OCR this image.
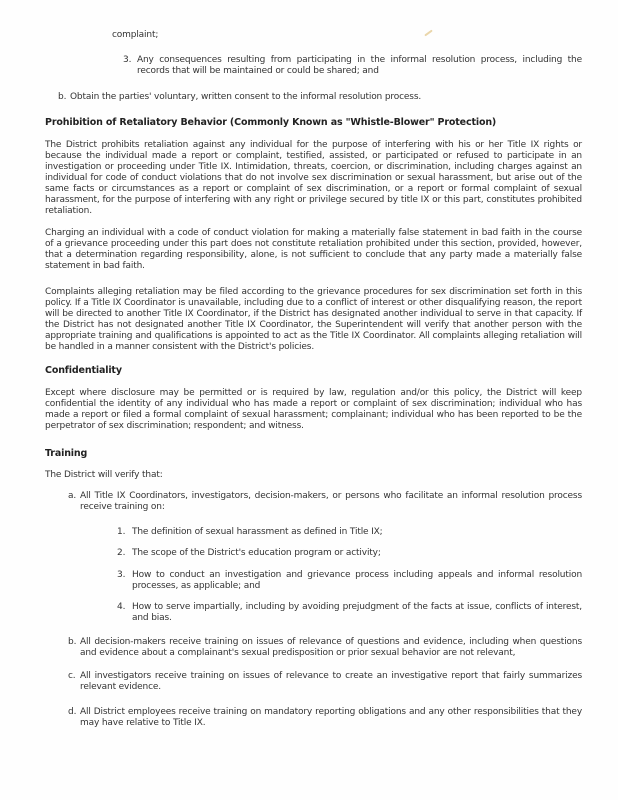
complaint;
3. Any consequences resulting from participating in the informal resolution process, including the records that will be maintained or could be shared; and
b. Obtain the parties' voluntary, written consent to the informal resolution process.
Prohibition of Retaliatory Behavior (Commonly Known as "Whistle-Blower" Protection)
The District prohibits retaliation against any individual for the purpose of interfering with his or her Title IX rights or because the individual made a report or complaint, testified, assisted, or participated or refused to participate in an investigation or proceeding under Title IX. Intimidation, threats, coercion, or discrimination, including charges against an individual for code of conduct violations that do not involve sex discrimination or sexual harassment, but arise out of the same facts or circumstances as a report or complaint of sex discrimination, or a report or formal complaint of sexual harassment, for the purpose of interfering with any right or privilege secured by title IX or this part, constitutes prohibited retaliation.
Charging an individual with a code of conduct violation for making a materially false statement in bad faith in the course of a grievance proceeding under this part does not constitute retaliation prohibited under this section, provided, however, that a determination regarding responsibility, alone, is not sufficient to conclude that any party made a materially false statement in bad faith.
Complaints alleging retaliation may be filed according to the grievance procedures for sex discrimination set forth in this policy. If a Title IX Coordinator is unavailable, including due to a conflict of interest or other disqualifying reason, the report will be directed to another Title IX Coordinator, if the District has designated another individual to serve in that capacity. If the District has not designated another Title IX Coordinator, the Superintendent will verify that another person with the appropriate training and qualifications is appointed to act as the Title IX Coordinator. All complaints alleging retaliation will be handled in a manner consistent with the District's policies.
Confidentiality
Except where disclosure may be permitted or is required by law, regulation and/or this policy, the District will keep confidential the identity of any individual who has made a report or complaint of sex discrimination; individual who has made a report or filed a formal complaint of sexual harassment; complainant; individual who has been reported to be the perpetrator of sex discrimination; respondent; and witness.
Training
The District will verify that:
a. All Title IX Coordinators, investigators, decision-makers, or persons who facilitate an informal resolution process receive training on:
1. The definition of sexual harassment as defined in Title IX;
2. The scope of the District's education program or activity;
3. How to conduct an investigation and grievance process including appeals and informal resolution processes, as applicable; and
4. How to serve impartially, including by avoiding prejudgment of the facts at issue, conflicts of interest, and bias.
b. All decision-makers receive training on issues of relevance of questions and evidence, including when questions and evidence about a complainant's sexual predisposition or prior sexual behavior are not relevant,
c. All investigators receive training on issues of relevance to create an investigative report that fairly summarizes relevant evidence.
d. All District employees receive training on mandatory reporting obligations and any other responsibilities that they may have relative to Title IX.
